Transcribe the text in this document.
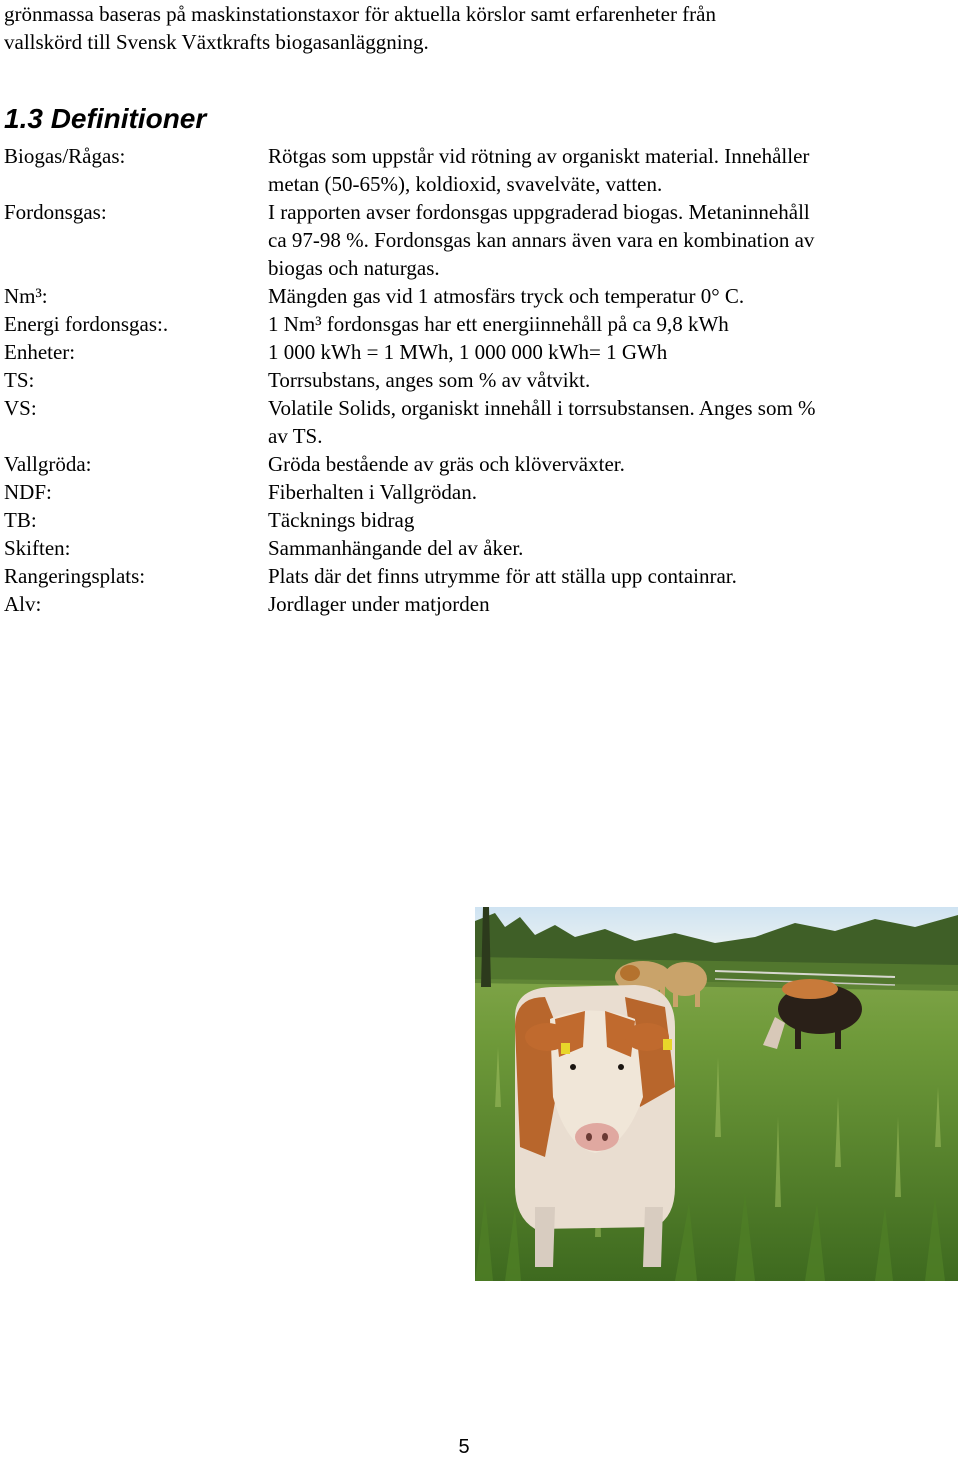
grönmassa baseras på maskinstationstaxor för aktuella körslor samt erfarenheter från
vallskörd till Svensk Växtkrafts biogasanläggning.
1.3 Definitioner
Biogas/Rågas:	Rötgas som uppstår vid rötning av organiskt material. Innehåller
metan (50-65%), koldioxid, svavelväte, vatten.
Fordonsgas:	I rapporten avser fordonsgas uppgraderad biogas. Metaninnehåll
ca 97-98 %. Fordonsgas kan annars även vara en kombination av
biogas och naturgas.
Nm³:	Mängden gas vid 1 atmosfärs tryck och temperatur 0° C.
Energi fordonsgas:.	1 Nm³ fordonsgas har ett energiinnehåll på ca 9,8 kWh
Enheter:	1 000 kWh = 1 MWh, 1 000 000 kWh= 1 GWh
TS:	Torrsubstans, anges som % av våtvikt.
VS:	Volatile Solids, organiskt innehåll i torrsubstansen. Anges som %
av TS.
Vallgröda:	Gröda bestående av gräs och klöverväxter.
NDF:	Fiberhalten i Vallgrödan.
TB:	Täcknings bidrag
Skiften:	Sammanhängande del av åker.
Rangeringsplats:	Plats där det finns utrymme för att ställa upp containrar.
Alv:	Jordlager under matjorden
5
